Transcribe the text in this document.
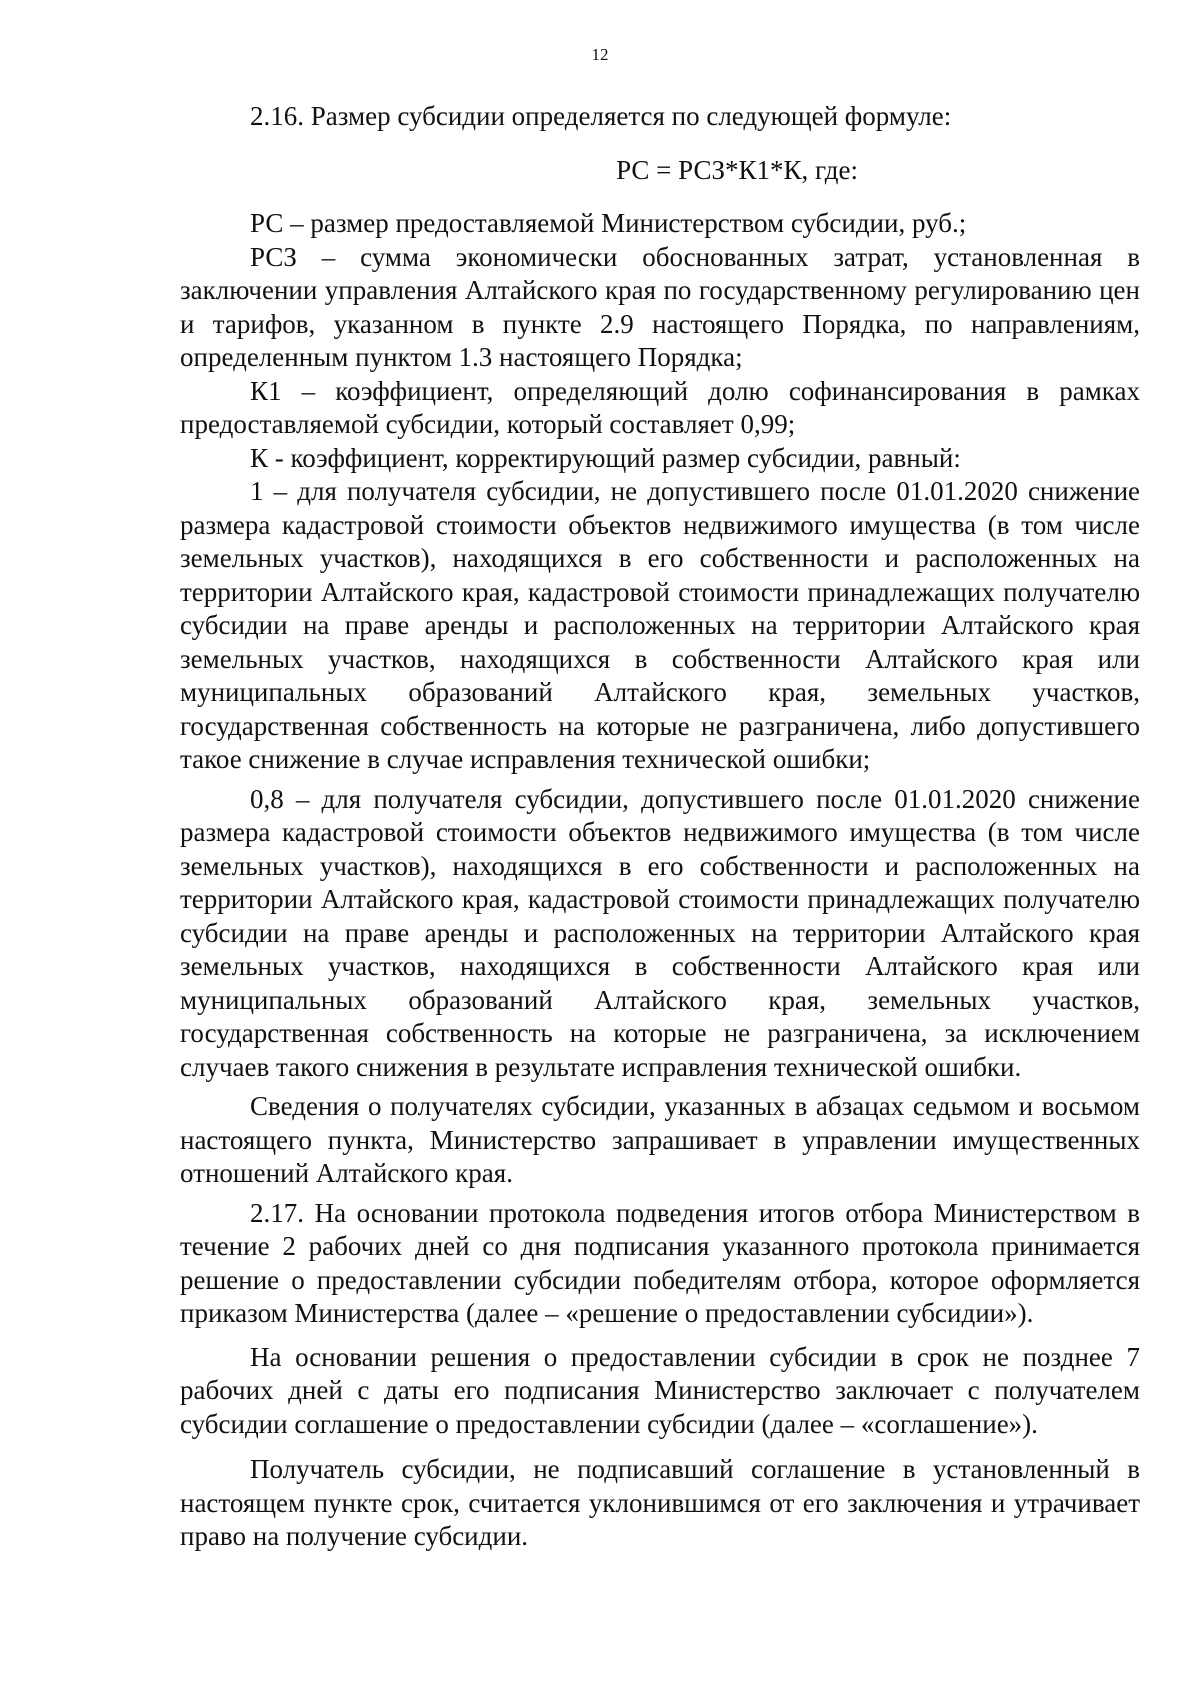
12

2.16. Размер субсидии определяется по следующей формуле:

РС = РСЗ*К1*К, где:

РС – размер предоставляемой Министерством субсидии, руб.;

РСЗ – сумма экономически обоснованных затрат, установленная в заключении управления Алтайского края по государственному регулированию цен и тарифов, указанном в пункте 2.9 настоящего Порядка, по направлениям, определенным пунктом 1.3 настоящего Порядка;

К1 – коэффициент, определяющий долю софинансирования в рамках предоставляемой субсидии, который составляет 0,99;

К - коэффициент, корректирующий размер субсидии, равный:

1 – для получателя субсидии, не допустившего после 01.01.2020 снижение размера кадастровой стоимости объектов недвижимого имущества (в том числе земельных участков), находящихся в его собственности и расположенных на территории Алтайского края, кадастровой стоимости принадлежащих получателю субсидии на праве аренды и расположенных на территории Алтайского края земельных участков, находящихся в собственности Алтайского края или муниципальных образований Алтайского края, земельных участков, государственная собственность на которые не разграничена, либо допустившего такое снижение в случае исправления технической ошибки;

0,8 – для получателя субсидии, допустившего после 01.01.2020 снижение размера кадастровой стоимости объектов недвижимого имущества (в том числе земельных участков), находящихся в его собственности и расположенных на территории Алтайского края, кадастровой стоимости принадлежащих получателю субсидии на праве аренды и расположенных на территории Алтайского края земельных участков, находящихся в собственности Алтайского края или муниципальных образований Алтайского края, земельных участков, государственная собственность на которые не разграничена, за исключением случаев такого снижения в результате исправления технической ошибки.

Сведения о получателях субсидии, указанных в абзацах седьмом и восьмом настоящего пункта, Министерство запрашивает в управлении имущественных отношений Алтайского края.

2.17. На основании протокола подведения итогов отбора Министерством в течение 2 рабочих дней со дня подписания указанного протокола принимается решение о предоставлении субсидии победителям отбора, которое оформляется приказом Министерства (далее – «решение о предоставлении субсидии»).

На основании решения о предоставлении субсидии в срок не позднее 7 рабочих дней с даты его подписания Министерство заключает с получателем субсидии соглашение о предоставлении субсидии (далее – «соглашение»).

Получатель субсидии, не подписавший соглашение в установленный в настоящем пункте срок, считается уклонившимся от его заключения и утрачивает право на получение субсидии.
